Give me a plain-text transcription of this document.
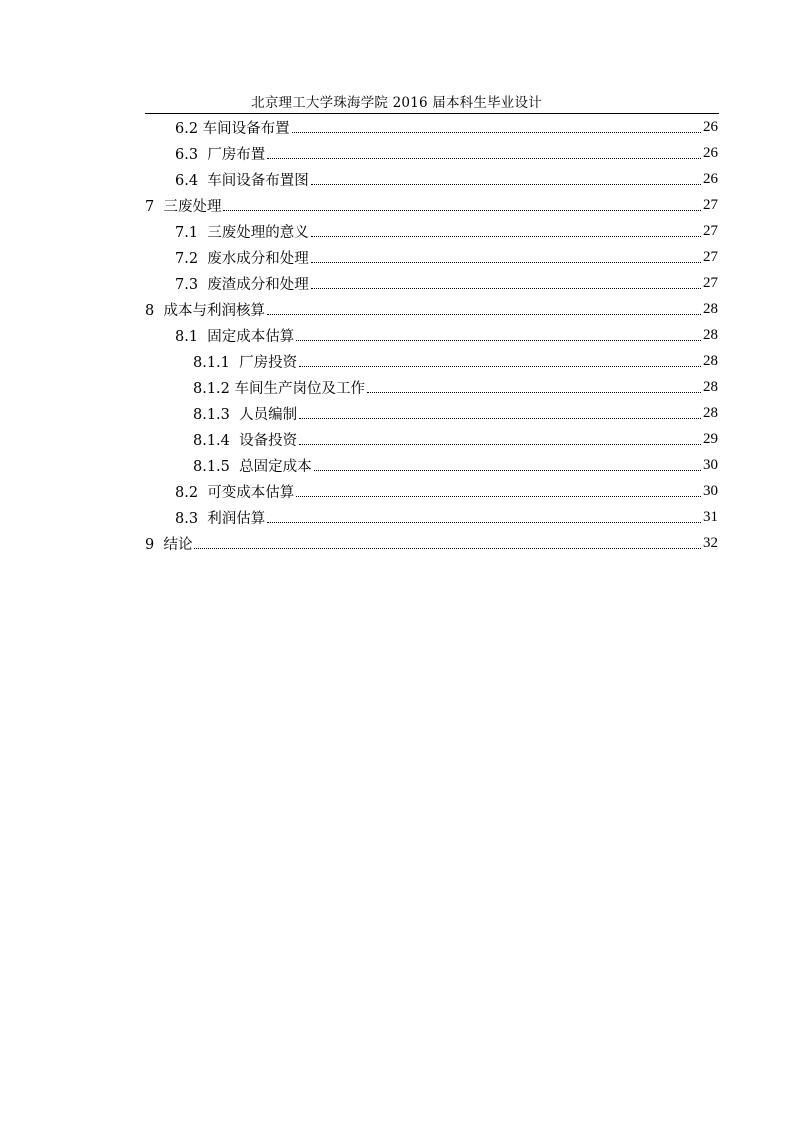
北京理工大学珠海学院 2016 届本科生毕业设计
6.2 车间设备布置	26
6.3  厂房布置	26
6.4  车间设备布置图	26
7  三废处理	27
7.1  三废处理的意义	27
7.2  废水成分和处理	27
7.3  废渣成分和处理	27
8  成本与利润核算	28
8.1  固定成本估算	28
8.1.1  厂房投资	28
8.1.2 车间生产岗位及工作	28
8.1.3  人员编制	28
8.1.4  设备投资	29
8.1.5  总固定成本	30
8.2  可变成本估算	30
8.3  利润估算	31
9  结论	32
